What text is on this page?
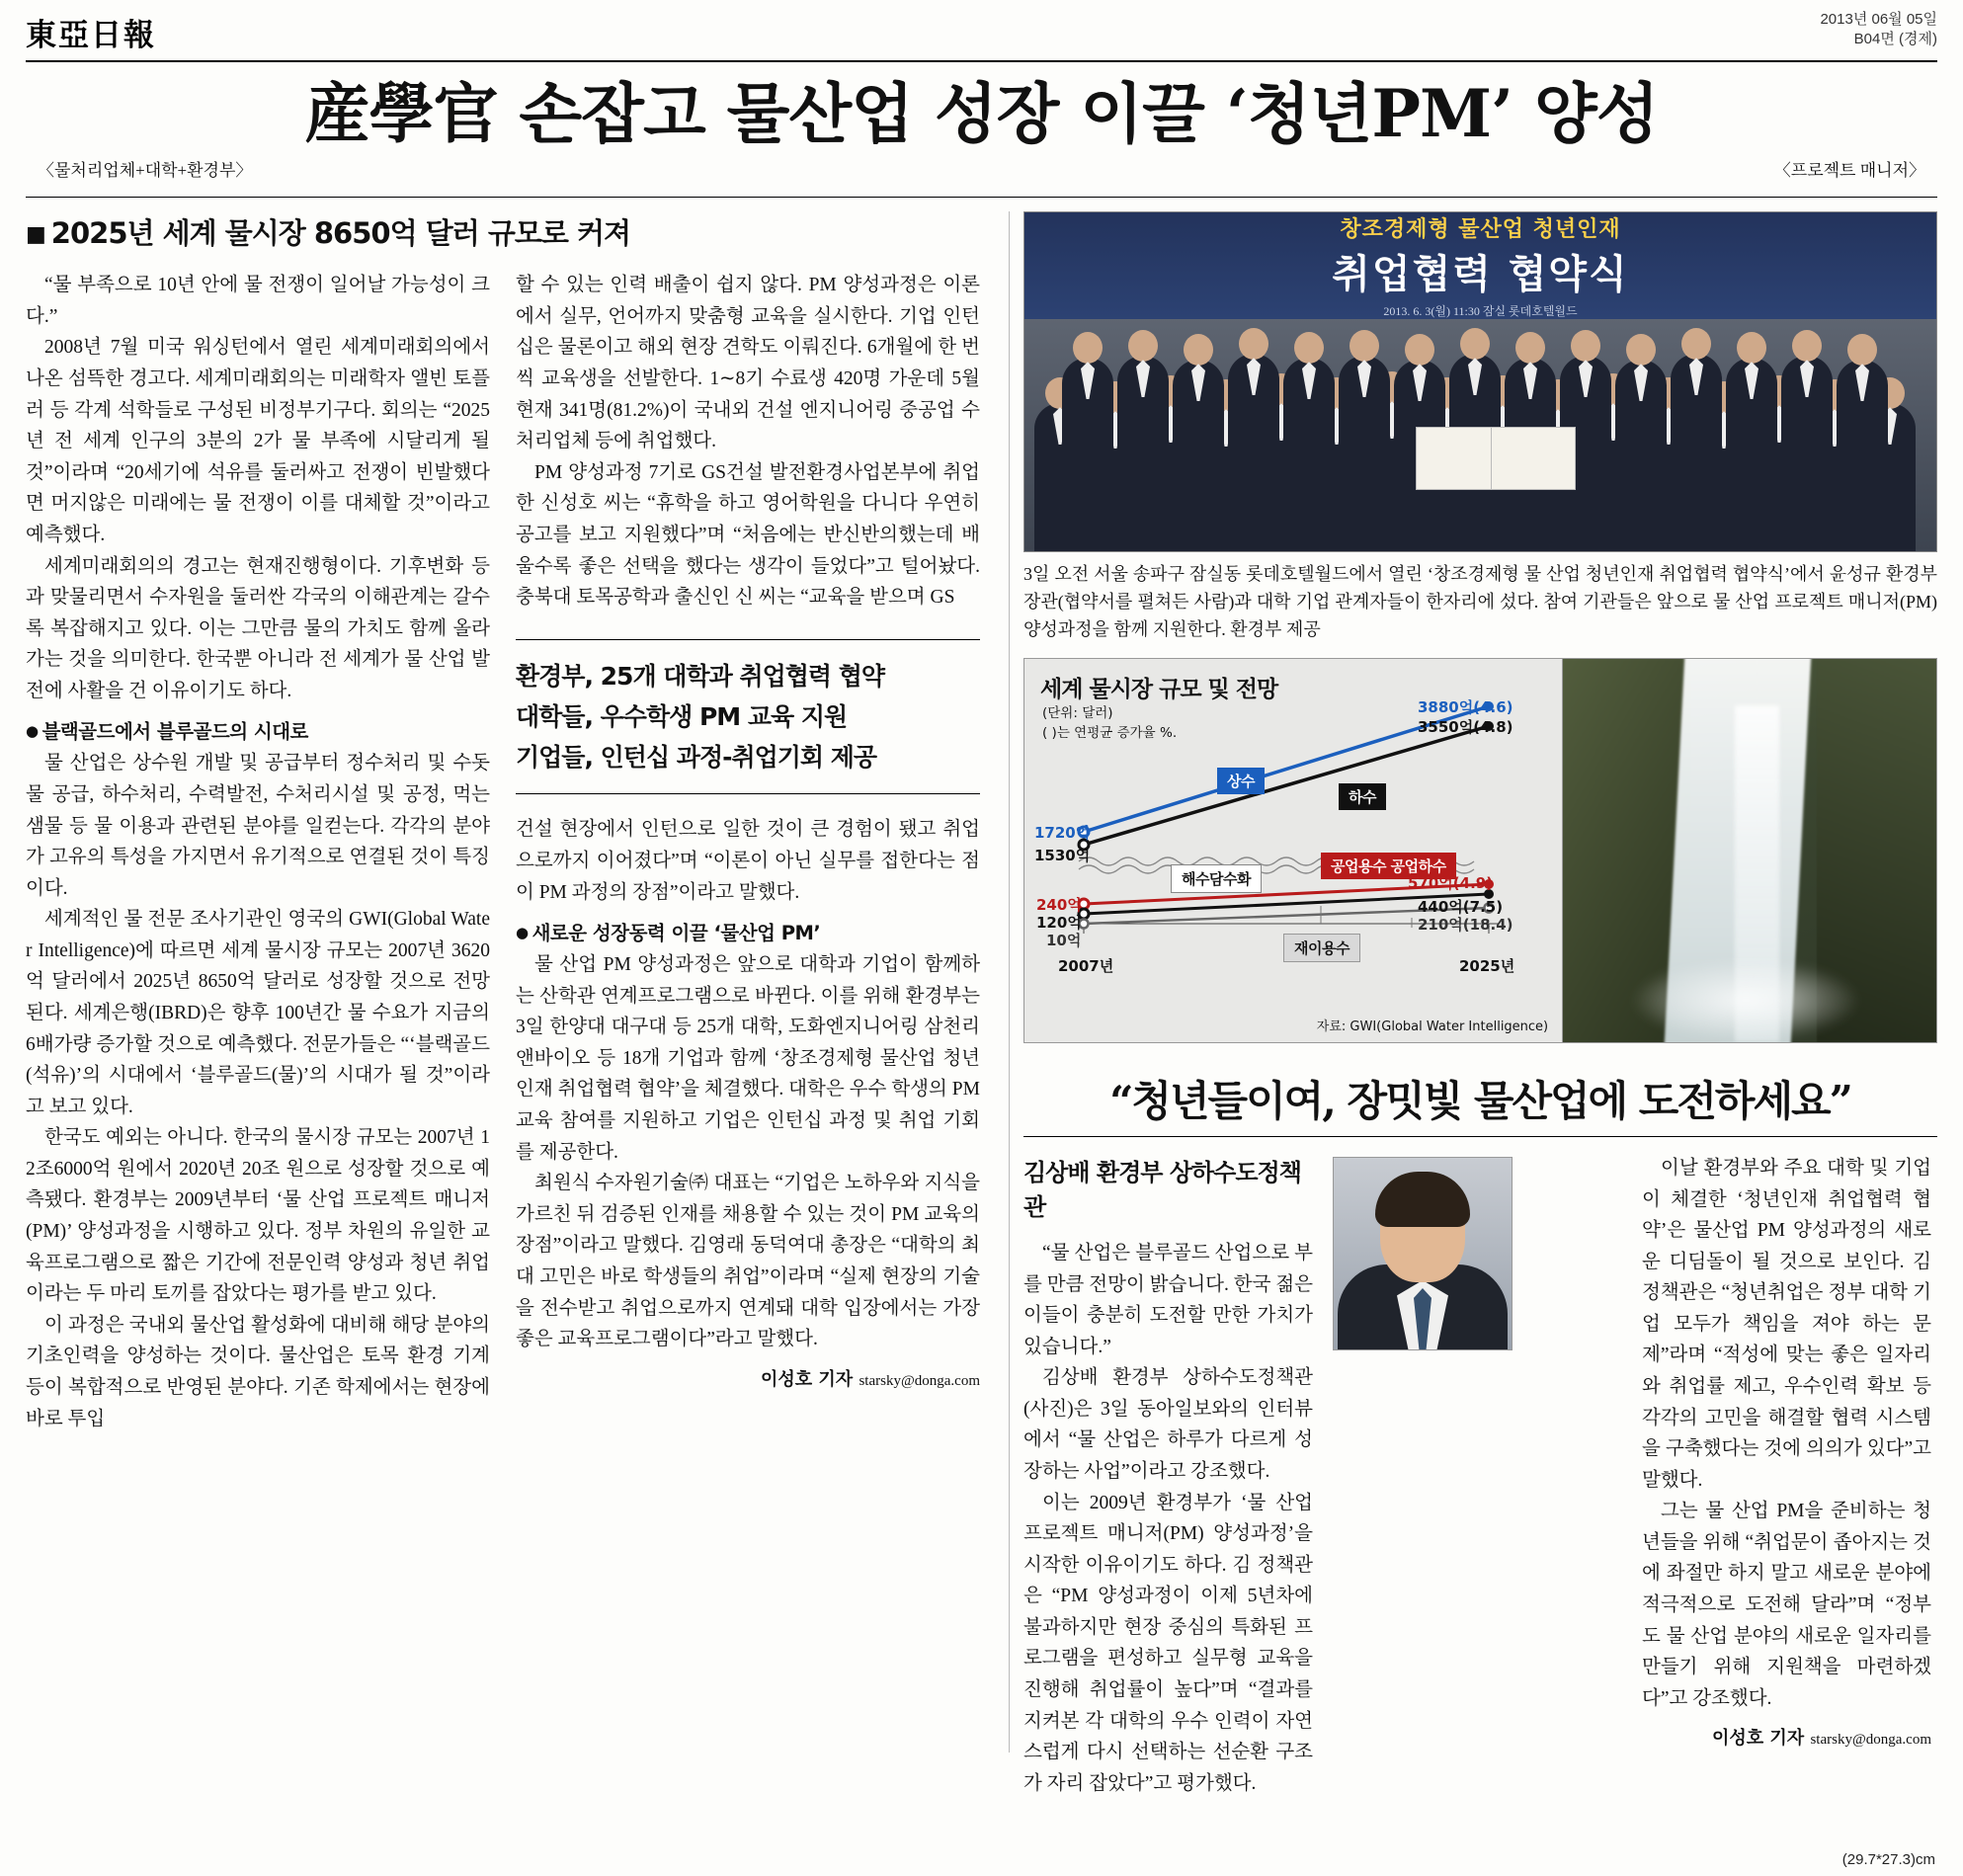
東亞日報	2013년 06월 05일
B04면 (경제)
産學官 손잡고 물산업 성장 이끌 ‘청년PM’ 양성
〈물처리업체+대학+환경부〉	〈프로젝트 매니저〉
■ 2025년 세계 물시장 8650억 달러 규모로 커져

“물 부족으로 10년 안에 물 전쟁이 일어날 가능성이 크다.”

2008년 7월 미국 워싱턴에서 열린 세계미래회의에서 나온 섬뜩한 경고다. 세계미래회의는 미래학자 앨빈 토플러 등 각계 석학들로 구성된 비정부기구다. 회의는 “2025년 전 세계 인구의 3분의 2가 물 부족에 시달리게 될 것”이라며 “20세기에 석유를 둘러싸고 전쟁이 빈발했다면 머지않은 미래에는 물 전쟁이 이를 대체할 것”이라고 예측했다.

세계미래회의의 경고는 현재진행형이다. 기후변화 등과 맞물리면서 수자원을 둘러싼 각국의 이해관계는 갈수록 복잡해지고 있다. 이는 그만큼 물의 가치도 함께 올라가는 것을 의미한다. 한국뿐 아니라 전 세계가 물 산업 발전에 사활을 건 이유이기도 하다.

● 블랙골드에서 블루골드의 시대로

물 산업은 상수원 개발 및 공급부터 정수처리 및 수돗물 공급, 하수처리, 수력발전, 수처리시설 및 공정, 먹는 샘물 등 물 이용과 관련된 분야를 일컫는다. 각각의 분야가 고유의 특성을 가지면서 유기적으로 연결된 것이 특징이다.

세계적인 물 전문 조사기관인 영국의 GWI(Global Water Intelligence)에 따르면 세계 물시장 규모는 2007년 3620억 달러에서 2025년 8650억 달러로 성장할 것으로 전망된다. 세계은행(IBRD)은 향후 100년간 물 수요가 지금의 6배가량 증가할 것으로 예측했다. 전문가들은 “‘블랙골드(석유)’의 시대에서 ‘블루골드(물)’의 시대가 될 것”이라고 보고 있다.

한국도 예외는 아니다. 한국의 물시장 규모는 2007년 12조6000억 원에서 2020년 20조 원으로 성장할 것으로 예측됐다. 환경부는 2009년부터 ‘물 산업 프로젝트 매니저(PM)’ 양성과정을 시행하고 있다. 정부 차원의 유일한 교육프로그램으로 짧은 기간에 전문인력 양성과 청년 취업이라는 두 마리 토끼를 잡았다는 평가를 받고 있다.

이 과정은 국내외 물산업 활성화에 대비해 해당 분야의 기초인력을 양성하는 것이다. 물산업은 토목 환경 기계 등이 복합적으로 반영된 분야다. 기존 학제에서는 현장에 바로 투입

할 수 있는 인력 배출이 쉽지 않다. PM 양성과정은 이론에서 실무, 언어까지 맞춤형 교육을 실시한다. 기업 인턴십은 물론이고 해외 현장 견학도 이뤄진다. 6개월에 한 번씩 교육생을 선발한다. 1∼8기 수료생 420명 가운데 5월 현재 341명(81.2%)이 국내외 건설 엔지니어링 중공업 수처리업체 등에 취업했다.

PM 양성과정 7기로 GS건설 발전환경사업본부에 취업한 신성호 씨는 “휴학을 하고 영어학원을 다니다 우연히 공고를 보고 지원했다”며 “처음에는 반신반의했는데 배울수록 좋은 선택을 했다는 생각이 들었다”고 털어놨다. 충북대 토목공학과 출신인 신 씨는 “교육을 받으며 GS

환경부, 25개 대학과 취업협력 협약
대학들, 우수학생 PM 교육 지원
기업들, 인턴십 과정-취업기회 제공

건설 현장에서 인턴으로 일한 것이 큰 경험이 됐고 취업으로까지 이어졌다”며 “이론이 아닌 실무를 접한다는 점이 PM 과정의 장점”이라고 말했다.

● 새로운 성장동력 이끌 ‘물산업 PM’

물 산업 PM 양성과정은 앞으로 대학과 기업이 함께하는 산학관 연계프로그램으로 바뀐다. 이를 위해 환경부는 3일 한양대 대구대 등 25개 대학, 도화엔지니어링 삼천리앤바이오 등 18개 기업과 함께 ‘창조경제형 물산업 청년인재 취업협력 협약’을 체결했다. 대학은 우수 학생의 PM 교육 참여를 지원하고 기업은 인턴십 과정 및 취업 기회를 제공한다.

최원식 수자원기술㈜ 대표는 “기업은 노하우와 지식을 가르친 뒤 검증된 인재를 채용할 수 있는 것이 PM 교육의 장점”이라고 말했다. 김영래 동덕여대 총장은 “대학의 최대 고민은 바로 학생들의 취업”이라며 “실제 현장의 기술을 전수받고 취업으로까지 연계돼 대학 입장에서는 가장 좋은 교육프로그램이다”라고 말했다.

이성호 기자 starsky@donga.com
창조경제형 물산업 청년인재
취업협력 협약식
2013. 6. 3(월) 11:30 잠실 롯데호텔월드
3일 오전 서울 송파구 잠실동 롯데호텔월드에서 열린 ‘창조경제형 물 산업 청년인재 취업협력 협약식’에서 윤성규 환경부 장관(협약서를 펼쳐든 사람)과 대학 기업 관계자들이 한자리에 섰다. 참여 기관들은 앞으로 물 산업 프로젝트 매니저(PM) 양성과정을 함께 지원한다. 환경부 제공
세계 물시장 규모 및 전망
(단위: 달러)
( )는 연평균 증가율 %.
상수
하수
공업용수 공업하수
해수담수화
재이용수
3880억(4.6)
3550억(4.8)
570억(4.9)
440억(7.5)
210억(18.4)
1720억
1530억
240억
120억
10억
2007년	2025년
자료: GWI(Global Water Intelligence)
“청년들이여, 장밋빛 물산업에 도전하세요”
김상배 환경부 상하수도정책관

“물 산업은 블루골드 산업으로 부를 만큼 전망이 밝습니다. 한국 젊은이들이 충분히 도전할 만한 가치가 있습니다.”

김상배 환경부 상하수도정책관(사진)은 3일 동아일보와의 인터뷰에서 “물 산업은 하루가 다르게 성장하는 사업”이라고 강조했다.

이는 2009년 환경부가 ‘물 산업 프로젝트 매니저(PM) 양성과정’을 시작한 이유이기도 하다. 김 정책관은 “PM 양성과정이 이제 5년차에 불과하지만 현장 중심의 특화된 프로그램을 편성하고 실무형 교육을 진행해 취업률이 높다”며 “결과를 지켜본 각 대학의 우수 인력이 자연스럽게 다시 선택하는 선순환 구조가 자리 잡았다”고 평가했다.

이날 환경부와 주요 대학 및 기업이 체결한 ‘청년인재 취업협력 협약’은 물산업 PM 양성과정의 새로운 디딤돌이 될 것으로 보인다. 김 정책관은 “청년취업은 정부 대학 기업 모두가 책임을 져야 하는 문제”라며 “적성에 맞는 좋은 일자리와 취업률 제고, 우수인력 확보 등 각각의 고민을 해결할 협력 시스템을 구축했다는 것에 의의가 있다”고 말했다.

그는 물 산업 PM을 준비하는 청년들을 위해 “취업문이 좁아지는 것에 좌절만 하지 말고 새로운 분야에 적극적으로 도전해 달라”며 “정부도 물 산업 분야의 새로운 일자리를 만들기 위해 지원책을 마련하겠다”고 강조했다.

이성호 기자 starsky@donga.com
(29.7*27.3)cm
